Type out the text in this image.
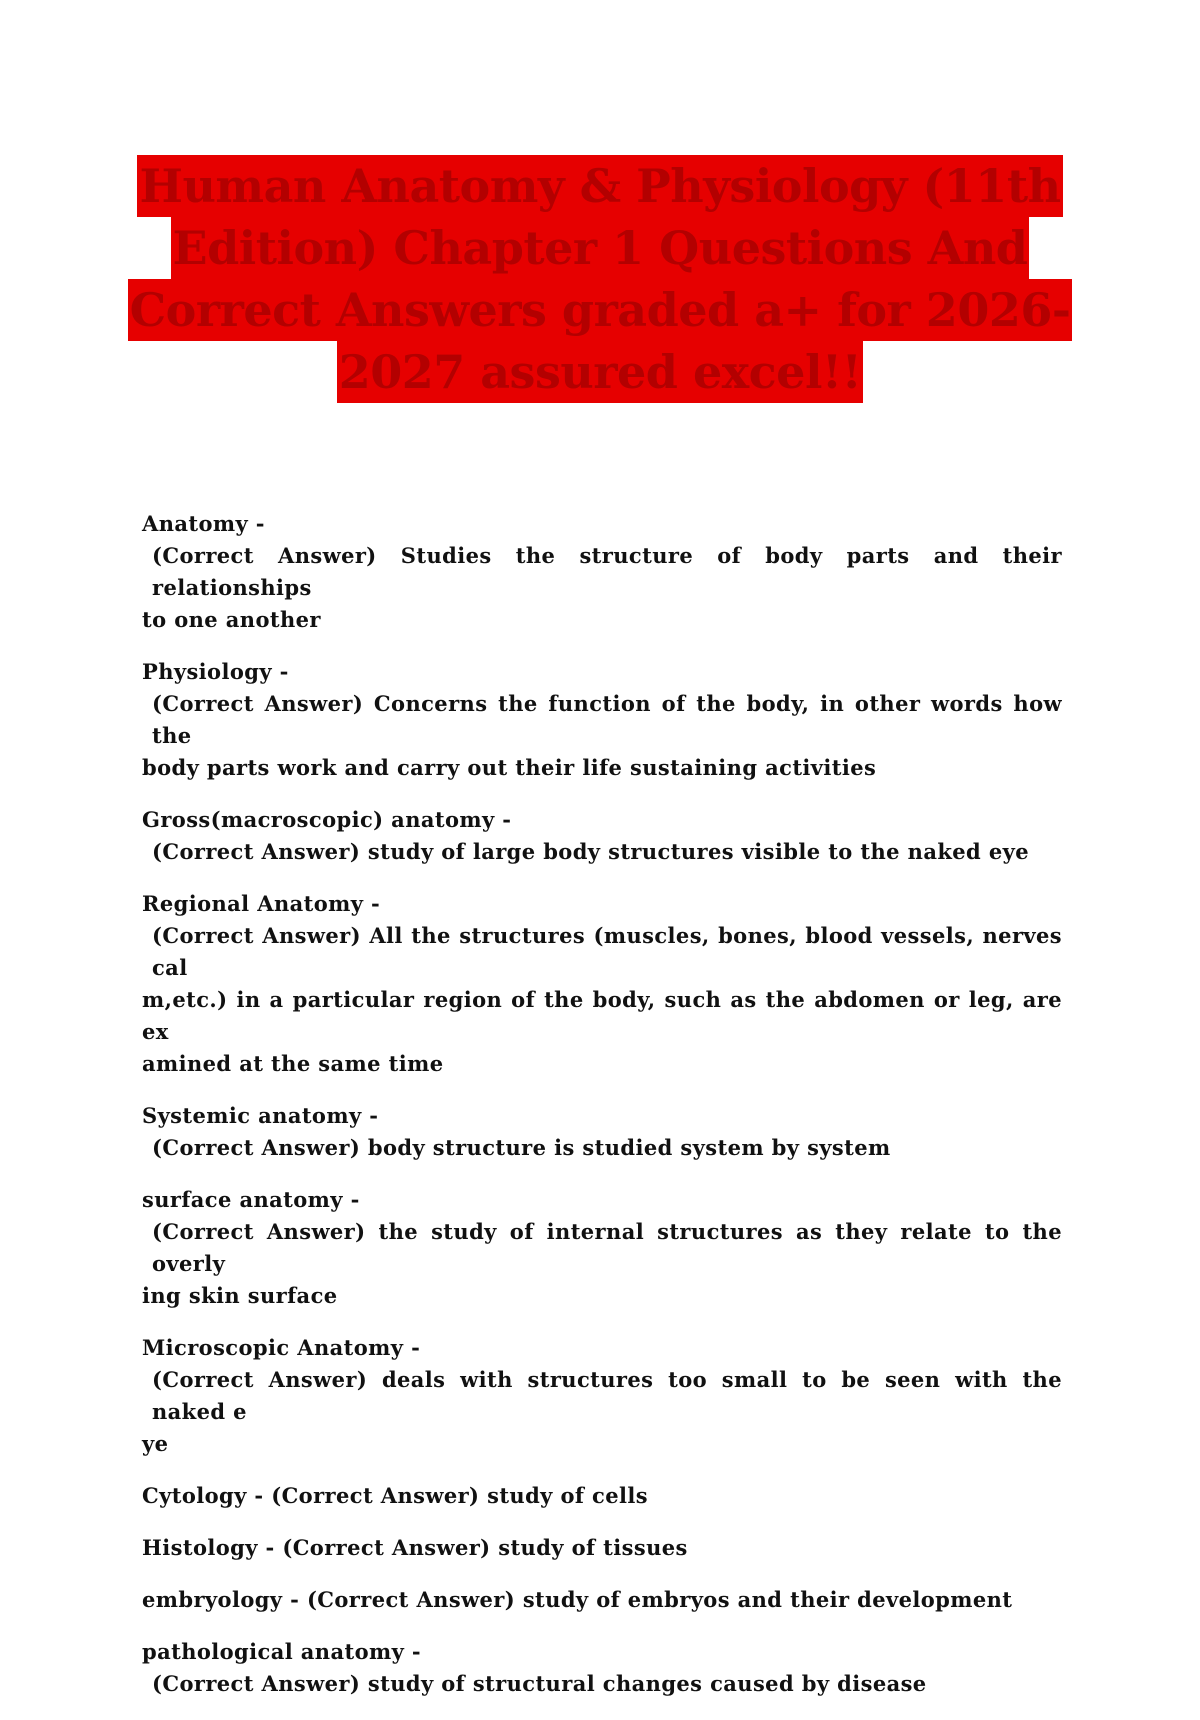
Human Anatomy & Physiology (11th
Edition) Chapter 1 Questions And
Correct Answers graded a+ for 2026-
2027 assured excel!!
Anatomy -
(Correct Answer) Studies the structure of body parts and their relationships
to one another
Physiology -
(Correct Answer) Concerns the function of the body, in other words how the
body parts work and carry out their life sustaining activities
Gross(macroscopic) anatomy -
(Correct Answer) study of large body structures visible to the naked eye
Regional Anatomy -
(Correct Answer) All the structures (muscles, bones, blood vessels, nerves cal
m,etc.) in a particular region of the body, such as the abdomen or leg, are ex
amined at the same time
Systemic anatomy -
(Correct Answer) body structure is studied system by system
surface anatomy -
(Correct Answer) the study of internal structures as they relate to the overly
ing skin surface
Microscopic Anatomy -
(Correct Answer) deals with structures too small to be seen with the naked e
ye
Cytology - (Correct Answer) study of cells
Histology - (Correct Answer) study of tissues
embryology - (Correct Answer) study of embryos and their development
pathological anatomy -
(Correct Answer) study of structural changes caused by disease
